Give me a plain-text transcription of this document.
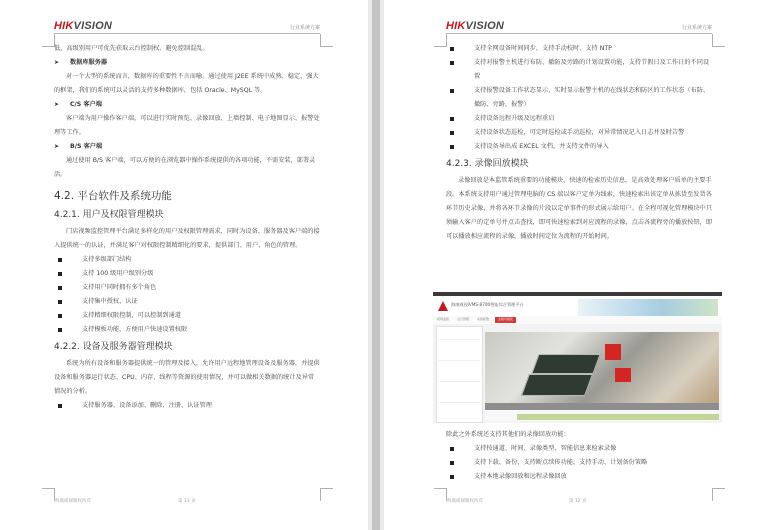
HIKVISION	行业系统方案

低，高级别用户可优先获取云台控制权，避免控制混乱。

➤ 数据库服务器

对一个大型的系统而言，数据库的重要性不言而喻。通过使用 J2EE 系统中成熟、稳定、强大的框架，我们的系统可以灵活的支持多种数据库，包括 Oracle、MySQL 等。

➤ C/S 客户端

客户端为用户操作客户端，可以进行实时预览、录像回放、上墙控制、电子地图显示、报警处理等工作。

➤ B/S 客户端

通过使用 B/S 客户端，可以方便的在浏览器中操作系统提供的各项功能，不需安装，部署灵活。

4.2. 平台软件及系统功能
4.2.1. 用户及权限管理模块

门店视频监控管理平台满足多样化的用户及权限管理需求，同时为设备、服务器及客户端的接入提供统一的认证，并满足客户对权限控制精细化的要求，提供部门、用户、角色的管理。

支持多级部门结构

支持 100 级用户级别分级

支持用户同时拥有多个角色

支持集中授权、认证

支持精细权限控制，可以控制到通道

支持模板功能，方便用户快速设置权限

4.2.2. 设备及服务器管理模块

系统为所有设备和服务器提供统一的管理及接入，允许用户远程地管理设备及服务器，并提供设备和服务器运行状态、CPU、内存、线程等资源的使用情况，并可以做相关数据的统计及异常情况的分析。

支持服务器、设备添加、删除、注册、认证管理

海康威视版权所有	第 11 页
HIKVISION	行业系统方案

支持全网设备时间同步，支持手动校时、支持 NTP

支持对报警主机进行布防、撤防及旁路的计划设置功能，支持节假日及工作日的不同设置

支持报警设备工作状态显示，实时显示报警主机的在线状态和防区的工作状态（布防、撤防、旁路、报警）

支持设备远程升级及远程重启

支持设备状态巡检，可定时巡检或手动巡检，对异常情况记入日志并及时告警

支持设备导出成 EXCEL 文档，并支持文件的导入

4.2.3. 录像回放模块

录像回放是本监管系统重要的功能模块，快速的检索历史信息，是高效处理客户质单的主要手段。本系统支持用户通过管理电脑的 CS 端以客户定单为线索，快速检索出该定单从拣货至发货各环节历史录像，并将各环节录像的片段以定单事件的形式展示给用户。在全程可视化管理模块中只须输入客户的定单号并点击查找，即可快速检索到对应流程的录像，点击各流程旁的播放按钮，即可以播放相应流程的录像，播放时间定位为流程的开始时间。

海康威视iVMS-8700智能综合管理平台
视频监控	运行管理	系统配置	全程可视化

除此之外系统还支持其他们的录像回放功能：

支持按通道、时间、录像类型、智能信息来检索录像

支持下载、备份，支持断点续传功能，支持手动、计划备份策略

支持本地录像回放和远程录像回放

海康威视版权所有	第 12 页
